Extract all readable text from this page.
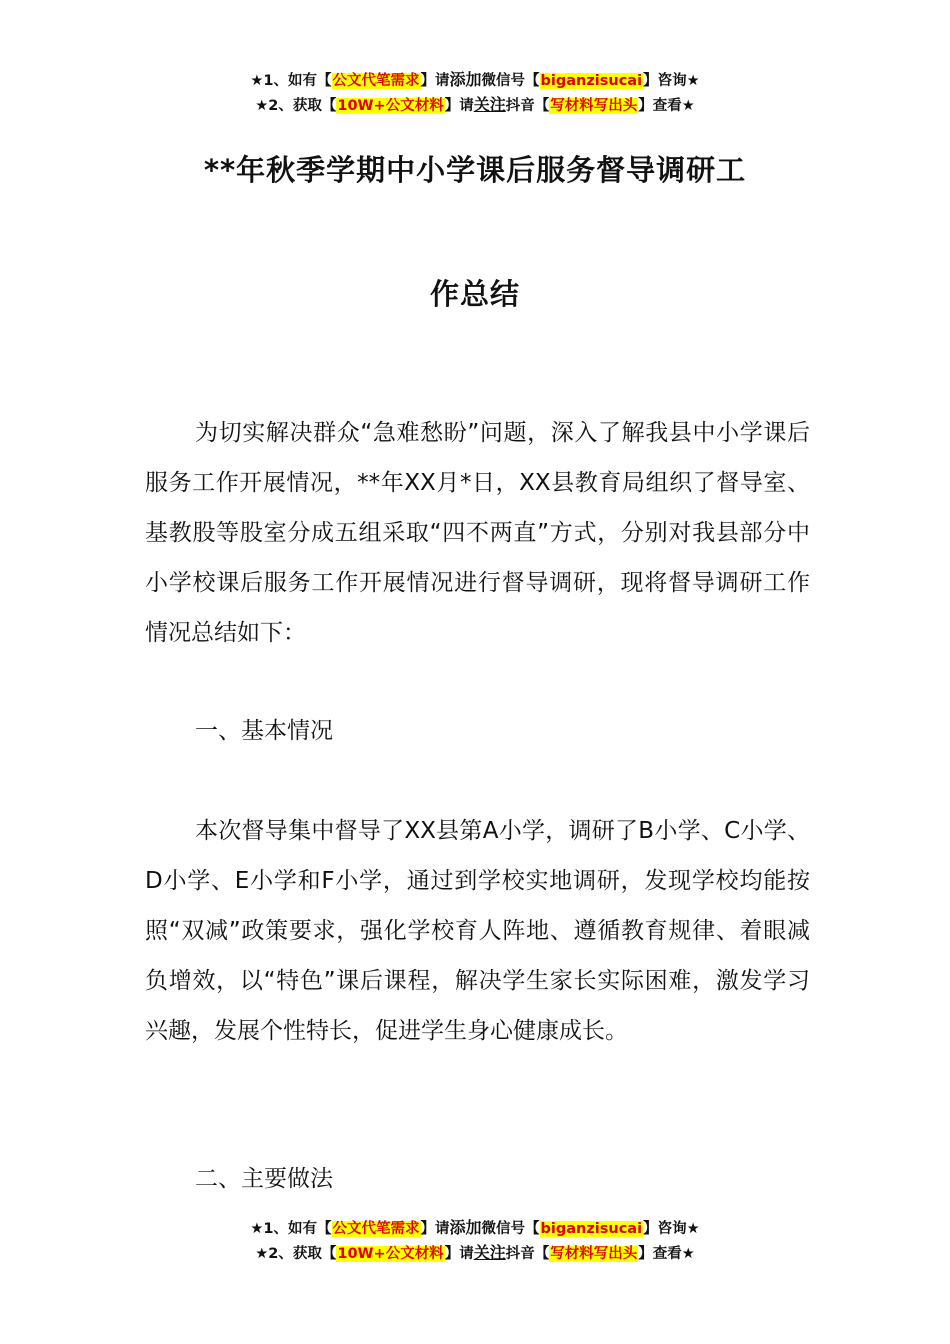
★1、如有【公文代笔需求】请添加微信号【biganzisucai】咨询★
★2、获取【10W+公文材料】请关注抖音【写材料写出头】查看★
**年秋季学期中小学课后服务督导调研工
作总结

为切实解决群众“急难愁盼”问题，深入了解我县中小学课后服务工作开展情况，**年XX月*日，XX县教育局组织了督导室、基教股等股室分成五组采取“四不两直”方式，分别对我县部分中小学校课后服务工作开展情况进行督导调研，现将督导调研工作情况总结如下：

一、基本情况

本次督导集中督导了XX县第A小学，调研了B小学、C小学、D小学、E小学和F小学，通过到学校实地调研，发现学校均能按照“双减”政策要求，强化学校育人阵地、遵循教育规律、着眼减负增效，以“特色”课后课程，解决学生家长实际困难，激发学习兴趣，发展个性特长，促进学生身心健康成长。

二、主要做法

★1、如有【公文代笔需求】请添加微信号【biganzisucai】咨询★
★2、获取【10W+公文材料】请关注抖音【写材料写出头】查看★
